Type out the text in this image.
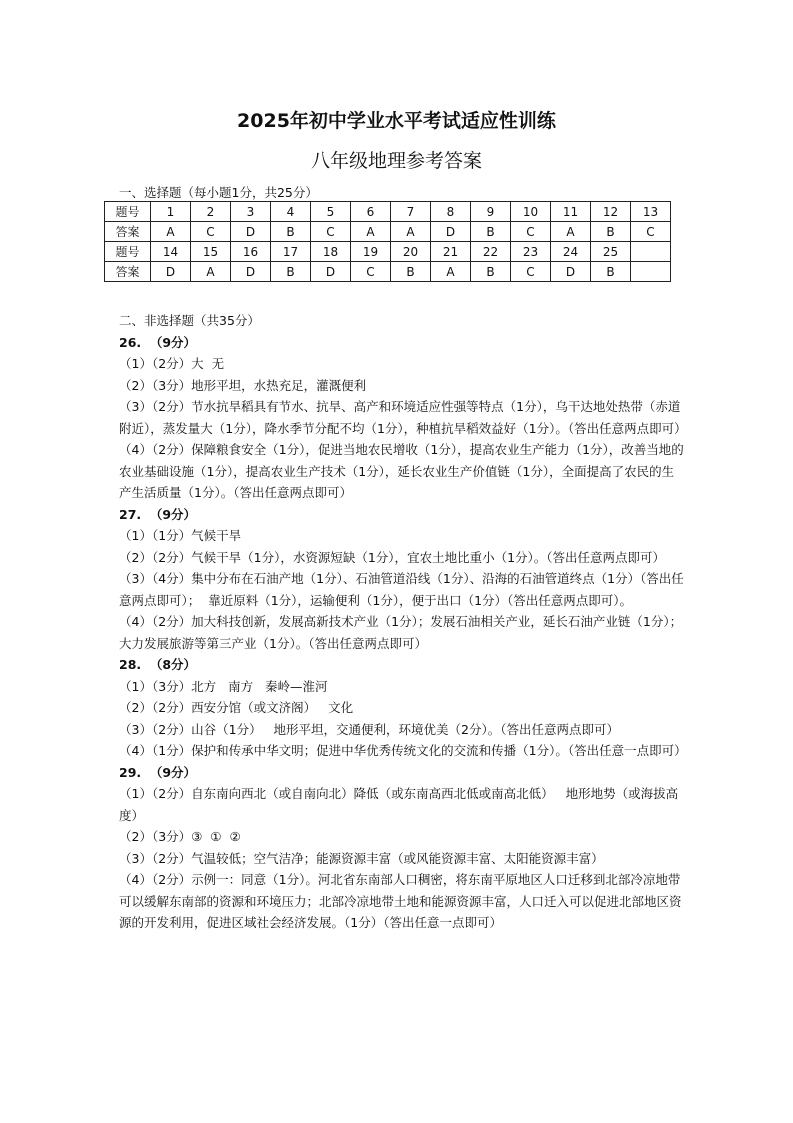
2025年初中学业水平考试适应性训练
八年级地理参考答案
一、选择题（每小题1分，共25分）
题号	1	2	3	4	5	6	7	8	9	10	11	12	13
答案	A	C	D	B	C	A	A	D	B	C	A	B	C
题号	14	15	16	17	18	19	20	21	22	23	24	25	
答案	D	A	D	B	D	C	B	A	B	C	D	B	

二、非选择题（共35分）

26.  （9分）

（1）（2分）大  无

（2）（3分）地形平坦，水热充足，灌溉便利

（3）（2分）节水抗旱稻具有节水、抗旱、高产和环境适应性强等特点（1分），乌干达地处热带（赤道附近），蒸发量大（1分），降水季节分配不均（1分），种植抗旱稻效益好（1分）。（答出任意两点即可）

（4）（2分）保障粮食安全（1分），促进当地农民增收（1分），提高农业生产能力（1分），改善当地的农业基础设施（1分），提高农业生产技术（1分），延长农业生产价值链（1分），全面提高了农民的生产生活质量（1分）。（答出任意两点即可）

27.  （9分）

（1）（1分）气候干旱

（2）（2分）气候干旱（1分），水资源短缺（1分），宜农土地比重小（1分）。（答出任意两点即可）

（3）（4分）集中分布在石油产地（1分）、石油管道沿线（1分）、沿海的石油管道终点（1分）（答出任意两点即可）；  靠近原料（1分），运输便利（1分），便于出口（1分）（答出任意两点即可）。

（4）（2分）加大科技创新，发展高新技术产业（1分）；发展石油相关产业，延长石油产业链（1分）；大力发展旅游等第三产业（1分）。（答出任意两点即可）

28.  （8分）

（1）（3分）北方   南方   秦岭—淮河

（2）（2分）西安分馆（或文济阁）   文化

（3）（2分）山谷（1分）   地形平坦，交通便利，环境优美（2分）。（答出任意两点即可）

（4）（1分）保护和传承中华文明；促进中华优秀传统文化的交流和传播（1分）。（答出任意一点即可）

29.  （9分）

（1）（2分）自东南向西北（或自南向北）降低（或东南高西北低或南高北低）   地形地势（或海拔高度）

（2）（3分）③  ①  ②

（3）（2分）气温较低；空气洁净；能源资源丰富（或风能资源丰富、太阳能资源丰富）

（4）（2分）示例一：同意（1分）。河北省东南部人口稠密，将东南平原地区人口迁移到北部冷凉地带可以缓解东南部的资源和环境压力；北部冷凉地带土地和能源资源丰富，人口迁入可以促进北部地区资源的开发利用，促进区域社会经济发展。（1分）（答出任意一点即可）
